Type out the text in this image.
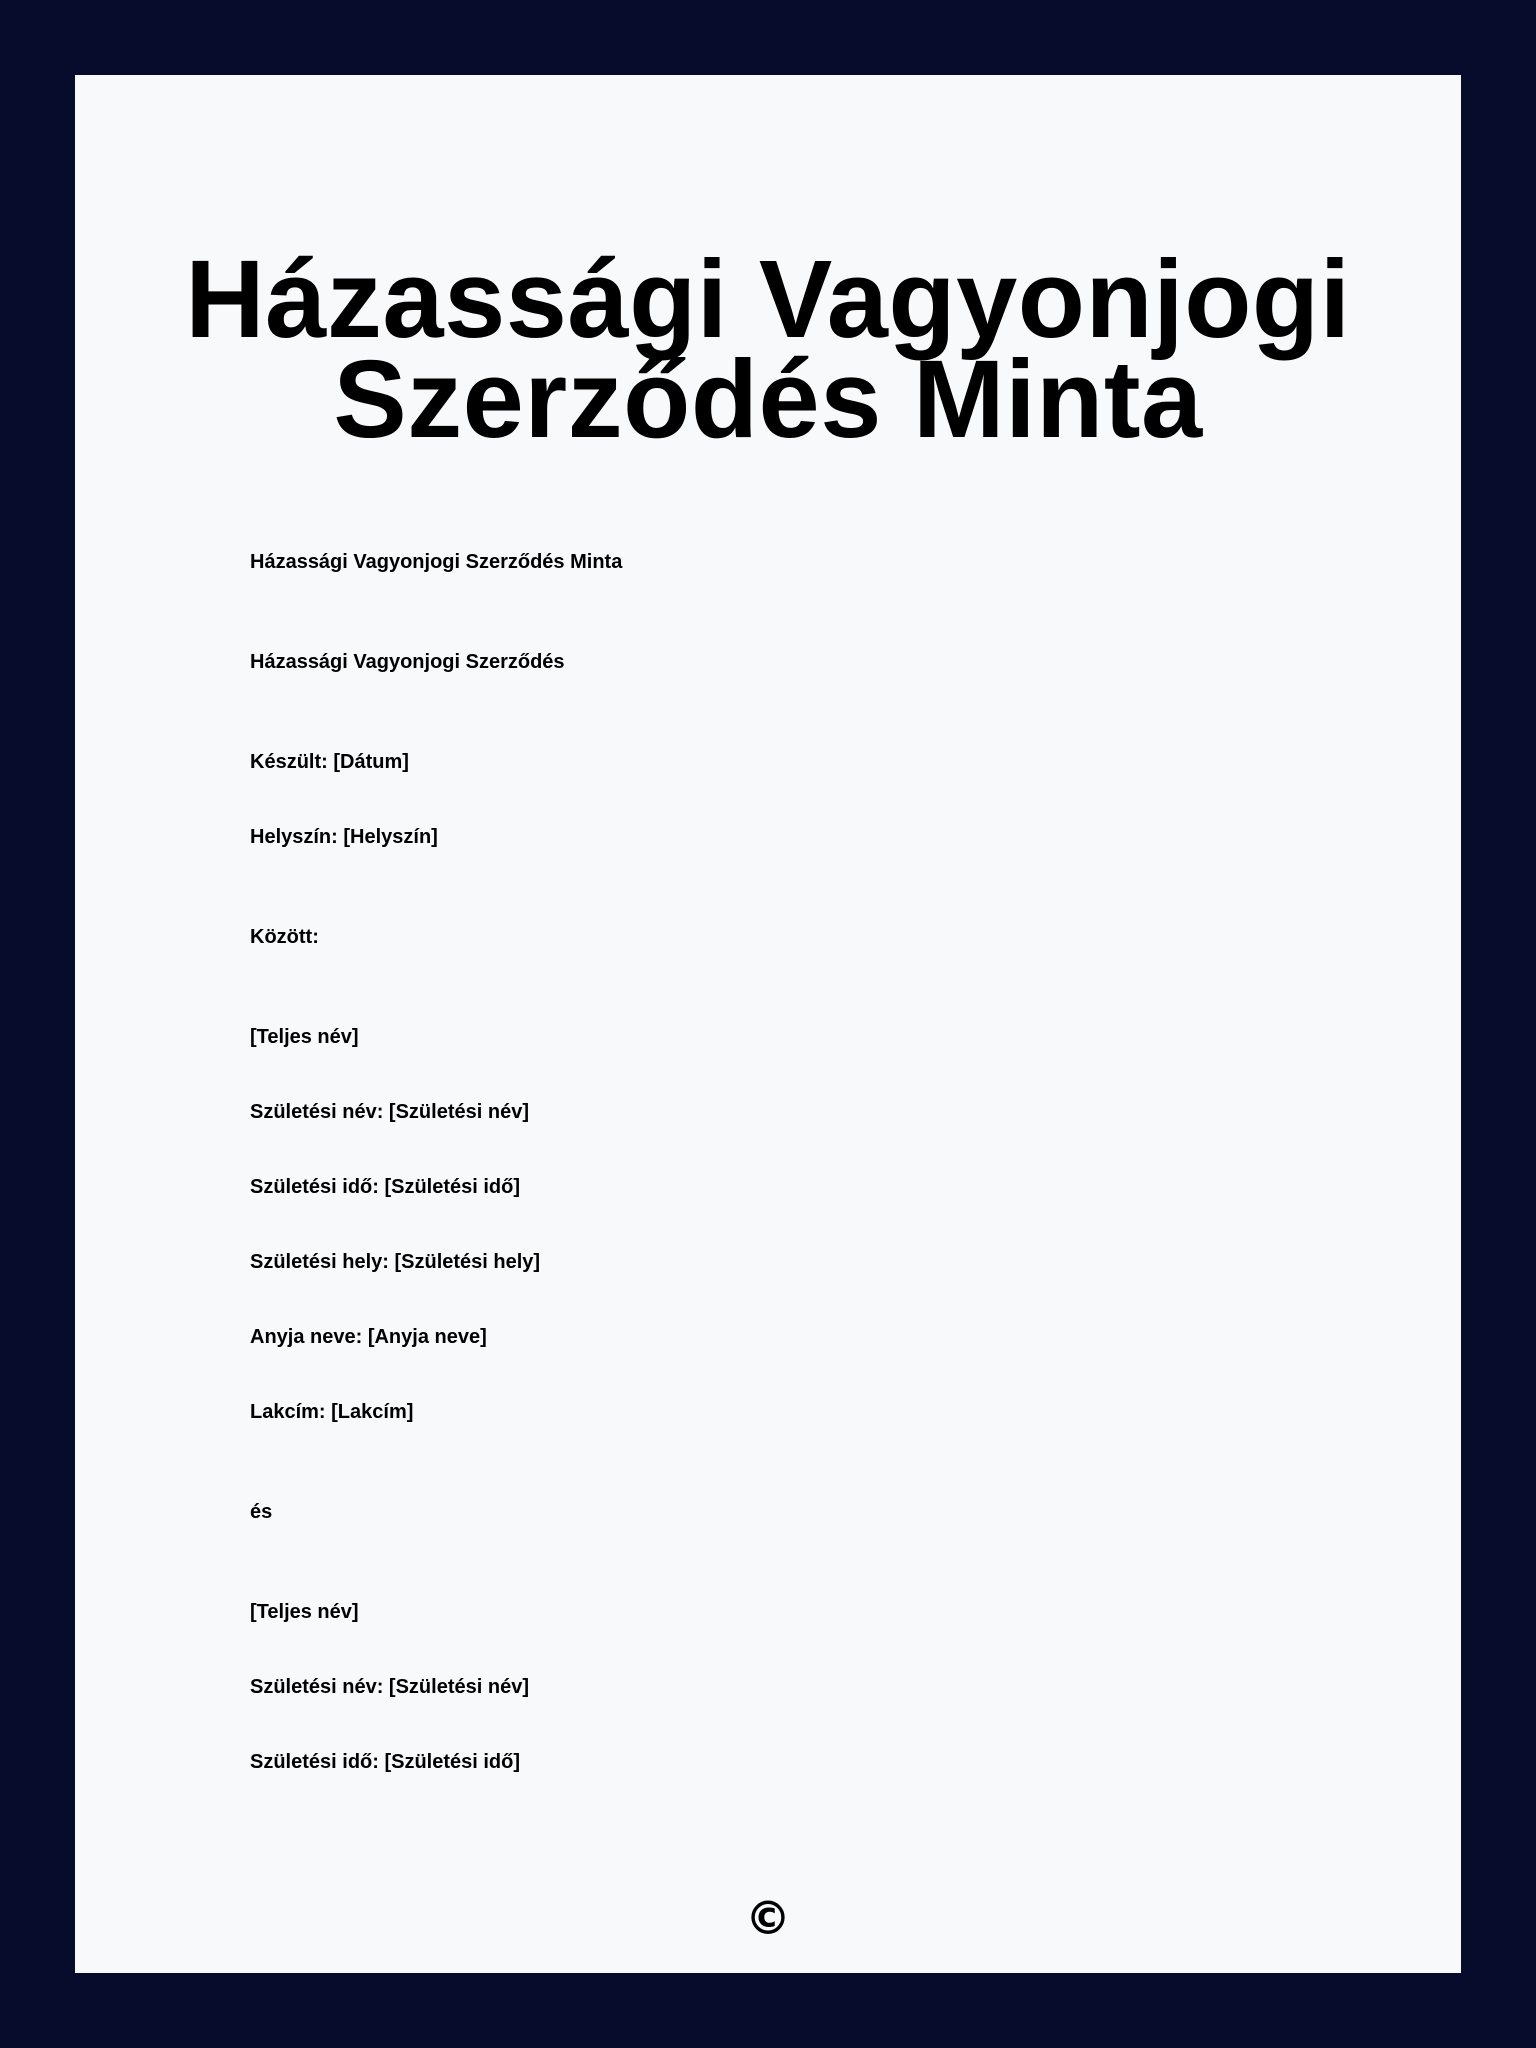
Házassági Vagyonjogi
Szerződés Minta

Házassági Vagyonjogi Szerződés Minta

Házassági Vagyonjogi Szerződés

Készült: [Dátum]

Helyszín: [Helyszín]

Között:

[Teljes név]

Születési név: [Születési név]

Születési idő: [Születési idő]

Születési hely: [Születési hely]

Anyja neve: [Anyja neve]

Lakcím: [Lakcím]

és

[Teljes név]

Születési név: [Születési név]

Születési idő: [Születési idő]

©
